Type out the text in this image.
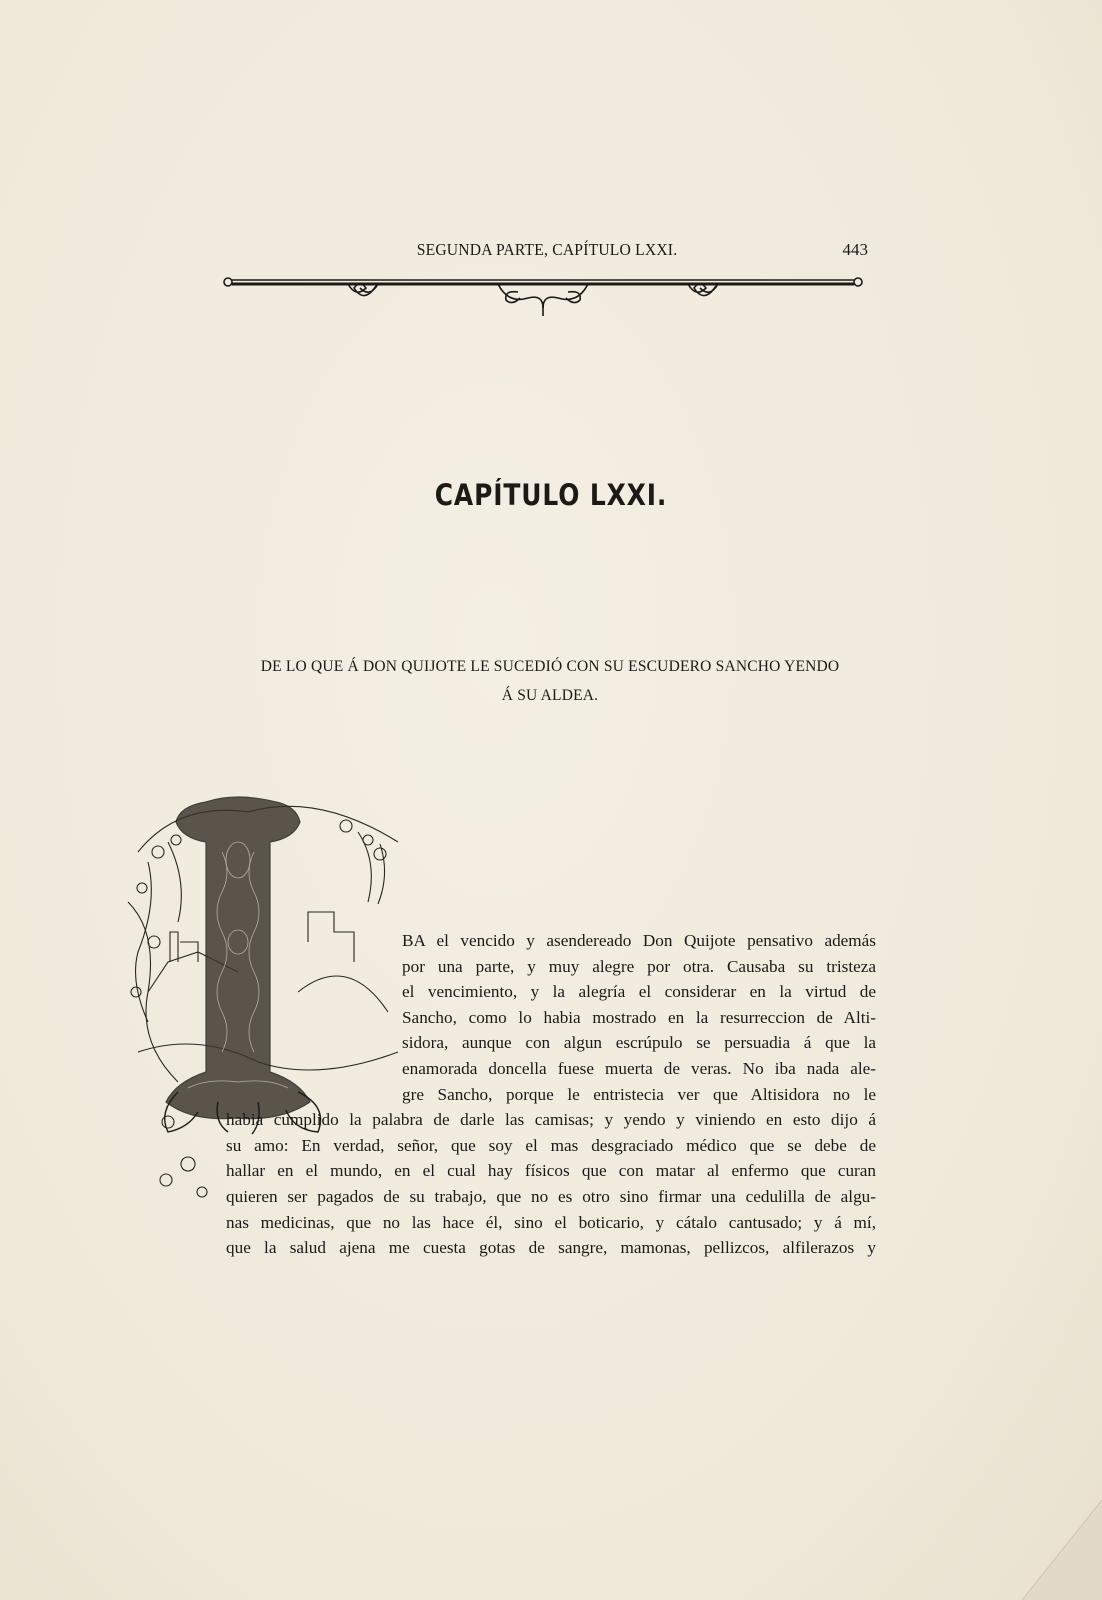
SEGUNDA PARTE, CAPÍTULO LXXI.	443
CAPÍTULO LXXI.
DE LO QUE Á DON QUIJOTE LE SUCEDIÓ CON SU ESCUDERO SANCHO YENDO
Á SU ALDEA.
BA el vencido y asendereado Don Quijote pensativo además
por una parte, y muy alegre por otra. Causaba su tristeza
el vencimiento, y la alegría el considerar en la virtud de
Sancho, como lo habia mostrado en la resurreccion de Alti-
sidora, aunque con algun escrúpulo se persuadia á que la
enamorada doncella fuese muerta de veras. No iba nada ale-
gre Sancho, porque le entristecia ver que Altisidora no le
habia cumplido la palabra de darle las camisas; y yendo y viniendo en esto dijo á
su amo: En verdad, señor, que soy el mas desgraciado médico que se debe de
hallar en el mundo, en el cual hay físicos que con matar al enfermo que curan
quieren ser pagados de su trabajo, que no es otro sino firmar una cedulilla de algu-
nas medicinas, que no las hace él, sino el boticario, y cátalo cantusado; y á mí,
que la salud ajena me cuesta gotas de sangre, mamonas, pellizcos, alfilerazos y
